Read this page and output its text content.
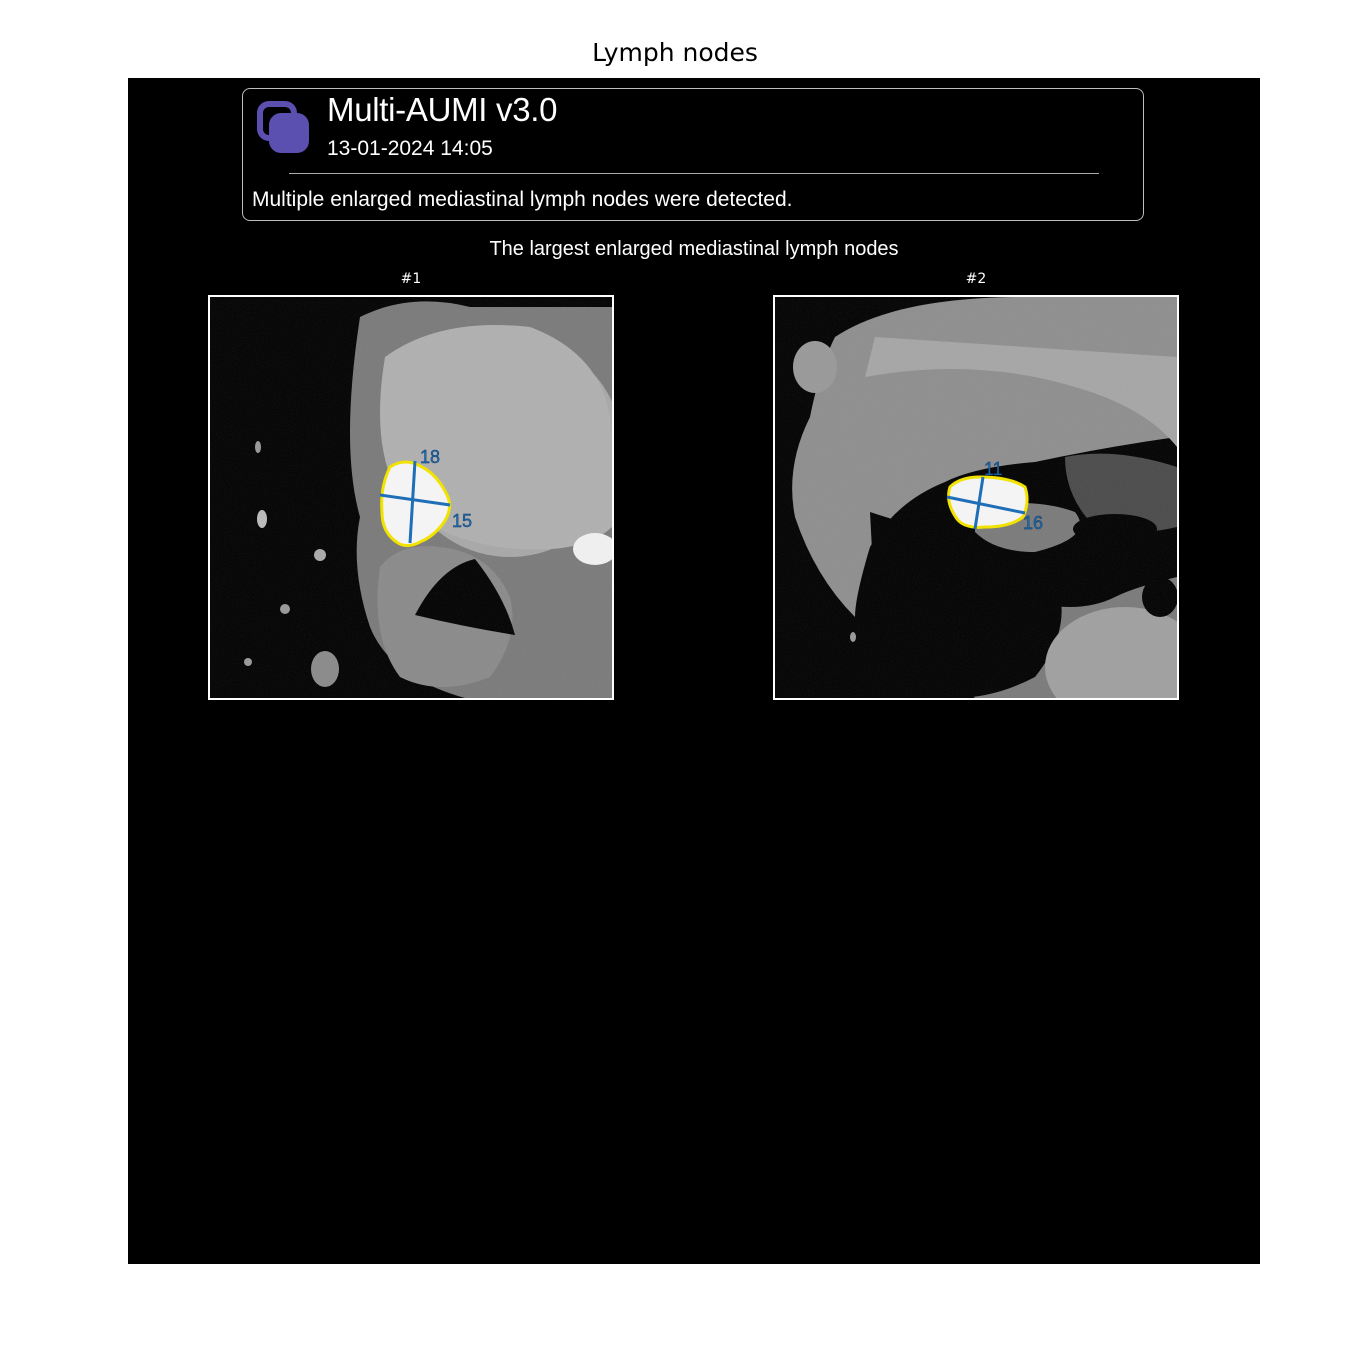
Lymph nodes
Multi-AUMI v3.0
13-01-2024 14:05
Multiple enlarged mediastinal lymph nodes were detected.
The largest enlarged mediastinal lymph nodes
#1
18
15
#2
11
16
